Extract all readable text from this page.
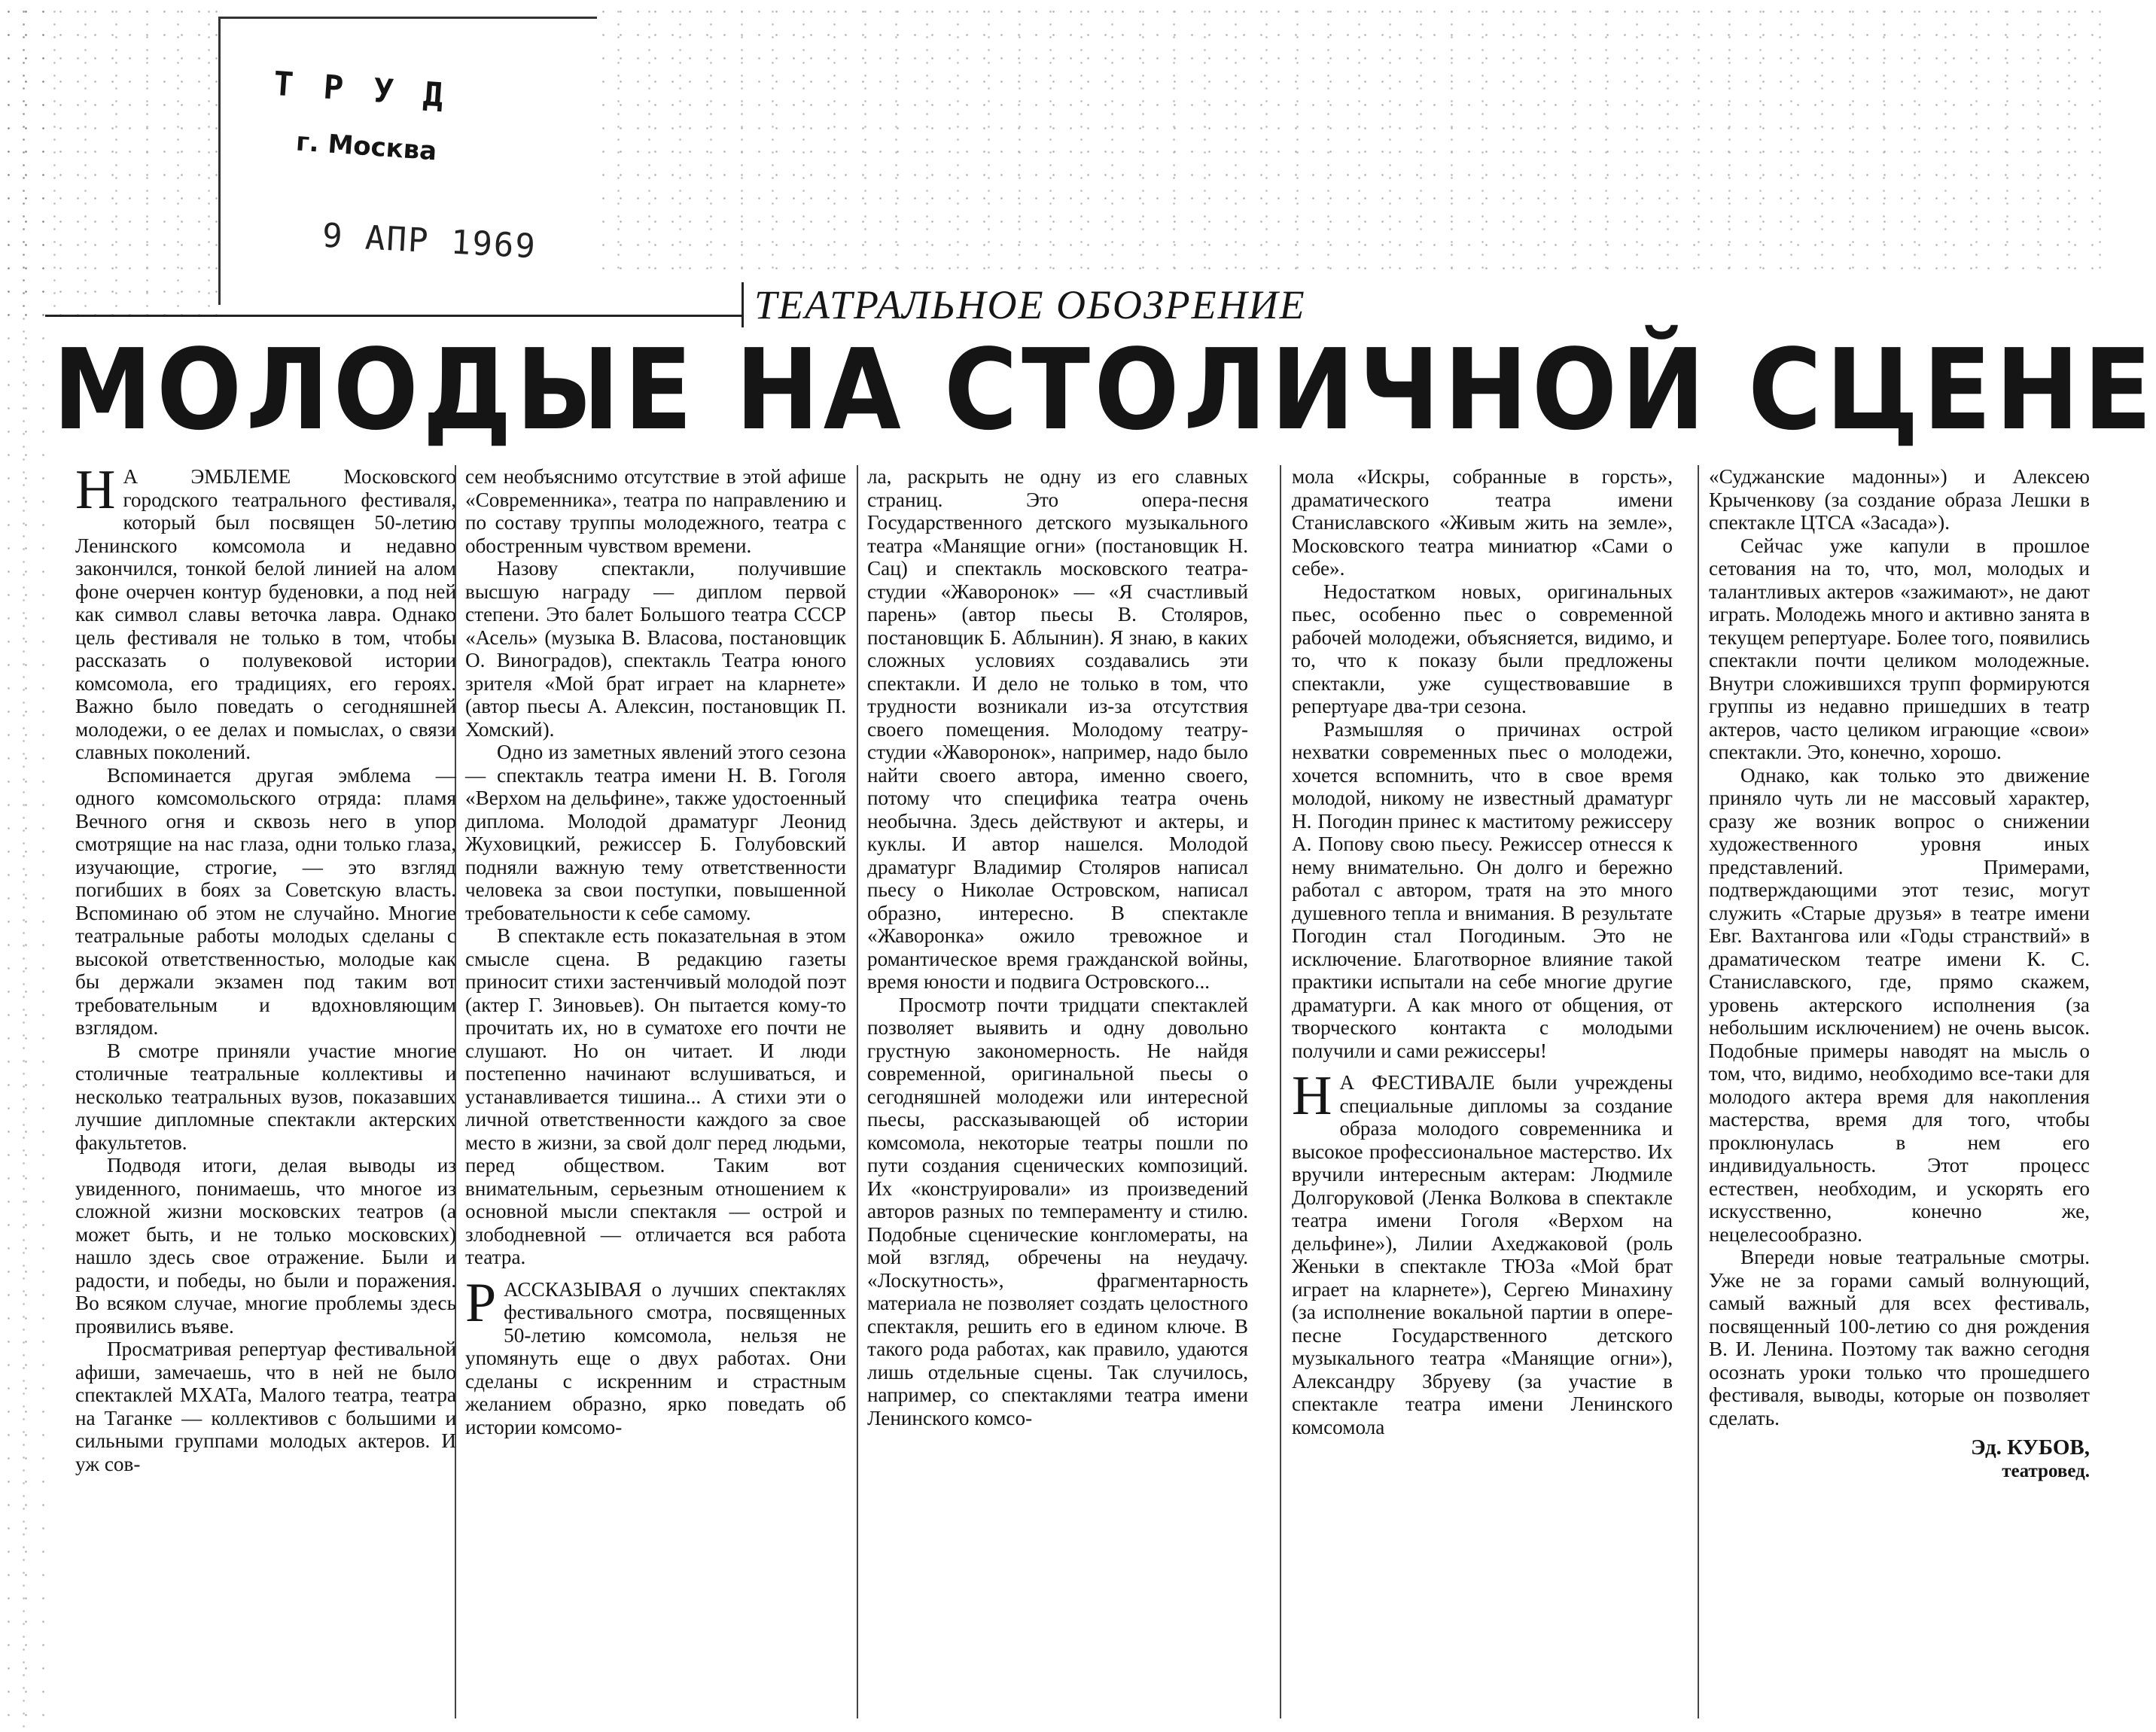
ТРУД
г. Москва
9 АПР 1969
ТЕАТРАЛЬНОЕ ОБОЗРЕНИЕ
МОЛОДЫЕ НА СТОЛИЧНОЙ СЦЕНЕ

Н А ЭМБЛЕМЕ Московского городского театрального фестиваля, который был посвящен 50-летию Ленинского комсомола и недавно закончился, тонкой белой линией на алом фоне очерчен контур буденовки, а под ней как символ славы веточка лавра. Однако цель фестиваля не только в том, чтобы рассказать о полувековой истории комсомола, его традициях, его героях. Важно было поведать о сегодняшней молодежи, о ее делах и помыслах, о связи славных поколений.

Вспоминается другая эмблема — одного комсомольского отряда: пламя Вечного огня и сквозь него в упор смотрящие на нас глаза, одни только глаза, изучающие, строгие, — это взгляд погибших в боях за Советскую власть. Вспоминаю об этом не случайно. Многие театральные работы молодых сделаны с высокой ответственностью, молодые как бы держали экзамен под таким вот требовательным и вдохновляющим взглядом.

В смотре приняли участие многие столичные театральные коллективы и несколько театральных вузов, показавших лучшие дипломные спектакли актерских факультетов.

Подводя итоги, делая выводы из увиденного, понимаешь, что многое из сложной жизни московских театров (а может быть, и не только московских) нашло здесь свое отражение. Были и радости, и победы, но были и поражения. Во всяком случае, многие проблемы здесь проявились въяве.

Просматривая репертуар фестивальной афиши, замечаешь, что в ней не было спектаклей МХАТа, Малого театра, театра на Таганке — коллективов с большими и сильными группами молодых актеров. И уж сов-

сем необъяснимо отсутствие в этой афише «Современника», театра по направлению и по составу труппы молодежного, театра с обостренным чувством времени.

Назову спектакли, получившие высшую награду — диплом первой степени. Это балет Большого театра СССР «Асель» (музыка В. Власова, постановщик О. Виноградов), спектакль Театра юного зрителя «Мой брат играет на кларнете» (автор пьесы А. Алексин, постановщик П. Хомский).

Одно из заметных явлений этого сезона — спектакль театра имени Н. В. Гоголя «Верхом на дельфине», также удостоенный диплома. Молодой драматург Леонид Жуховицкий, режиссер Б. Голубовский подняли важную тему ответственности человека за свои поступки, повышенной требовательности к себе самому.

В спектакле есть показательная в этом смысле сцена. В редакцию газеты приносит стихи застенчивый молодой поэт (актер Г. Зиновьев). Он пытается кому-то прочитать их, но в суматохе его почти не слушают. Но он читает. И люди постепенно начинают вслушиваться, и устанавливается тишина... А стихи эти о личной ответственности каждого за свое место в жизни, за свой долг перед людьми, перед обществом. Таким вот внимательным, серьезным отношением к основной мысли спектакля — острой и злободневной — отличается вся работа театра.

РАССКАЗЫВАЯ о лучших спектаклях фестивального смотра, посвященных 50-летию комсомола, нельзя не упомянуть еще о двух работах. Они сделаны с искренним и страстным желанием образно, ярко поведать об истории комсомо-

ла, раскрыть не одну из его славных страниц. Это опера-песня Государственного детского музыкального театра «Манящие огни» (постановщик Н. Сац) и спектакль московского театра-студии «Жаворонок» — «Я счастливый парень» (автор пьесы В. Столяров, постановщик Б. Аблынин). Я знаю, в каких сложных условиях создавались эти спектакли. И дело не только в том, что трудности возникали из-за отсутствия своего помещения. Молодому театру-студии «Жаворонок», например, надо было найти своего автора, именно своего, потому что специфика театра очень необычна. Здесь действуют и актеры, и куклы. И автор нашелся. Молодой драматург Владимир Столяров написал пьесу о Николае Островском, написал образно, интересно. В спектакле «Жаворонка» ожило тревожное и романтическое время гражданской войны, время юности и подвига Островского...

Просмотр почти тридцати спектаклей позволяет выявить и одну довольно грустную закономерность. Не найдя современной, оригинальной пьесы о сегодняшней молодежи или интересной пьесы, рассказывающей об истории комсомола, некоторые театры пошли по пути создания сценических композиций. Их «конструировали» из произведений авторов разных по темпераменту и стилю. Подобные сценические конгломераты, на мой взгляд, обречены на неудачу. «Лоскутность», фрагментарность материала не позволяет создать целостного спектакля, решить его в едином ключе. В такого рода работах, как правило, удаются лишь отдельные сцены. Так случилось, например, со спектаклями театра имени Ленинского комсо-

мола «Искры, собранные в горсть», драматического театра имени Станиславского «Живым жить на земле», Московского театра миниатюр «Сами о себе».

Недостатком новых, оригинальных пьес, особенно пьес о современной рабочей молодежи, объясняется, видимо, и то, что к показу были предложены спектакли, уже существовавшие в репертуаре два-три сезона.

Размышляя о причинах острой нехватки современных пьес о молодежи, хочется вспомнить, что в свое время молодой, никому не известный драматург Н. Погодин принес к маститому режиссеру А. Попову свою пьесу. Режиссер отнесся к нему внимательно. Он долго и бережно работал с автором, тратя на это много душевного тепла и внимания. В результате Погодин стал Погодиным. Это не исключение. Благотворное влияние такой практики испытали на себе многие другие драматурги. А как много от общения, от творческого контакта с молодыми получили и сами режиссеры!

Н А ФЕСТИВАЛЕ были учреждены специальные дипломы за создание образа молодого современника и высокое профессиональное мастерство. Их вручили интересным актерам: Людмиле Долгоруковой (Ленка Волкова в спектакле театра имени Гоголя «Верхом на дельфине»), Лилии Ахеджаковой (роль Женьки в спектакле ТЮЗа «Мой брат играет на кларнете»), Сергею Минахину (за исполнение вокальной партии в опере-песне Государственного детского музыкального театра «Манящие огни»), Александру Збруеву (за участие в спектакле театра имени Ленинского комсомола

«Суджанские мадонны») и Алексею Крыченкову (за создание образа Лешки в спектакле ЦТСА «Засада»).

Сейчас уже капули в прошлое сетования на то, что, мол, молодых и талантливых актеров «зажимают», не дают играть. Молодежь много и активно занята в текущем репертуаре. Более того, появились спектакли почти целиком молодежные. Внутри сложившихся трупп формируются группы из недавно пришедших в театр актеров, часто целиком играющие «свои» спектакли. Это, конечно, хорошо.

Однако, как только это движение приняло чуть ли не массовый характер, сразу же возник вопрос о снижении художественного уровня иных представлений. Примерами, подтверждающими этот тезис, могут служить «Старые друзья» в театре имени Евг. Вахтангова или «Годы странствий» в драматическом театре имени К. С. Станиславского, где, прямо скажем, уровень актерского исполнения (за небольшим исключением) не очень высок. Подобные примеры наводят на мысль о том, что, видимо, необходимо все-таки для молодого актера время для накопления мастерства, время для того, чтобы проклюнулась в нем его индивидуальность. Этот процесс естествен, необходим, и ускорять его искусственно, конечно же, нецелесообразно.

Впереди новые театральные смотры. Уже не за горами самый волнующий, самый важный для всех фестиваль, посвященный 100-летию со дня рождения В. И. Ленина. Поэтому так важно сегодня осознать уроки только что прошедшего фестиваля, выводы, которые он позволяет сделать.

Эд. КУБОВ,
театровед.
